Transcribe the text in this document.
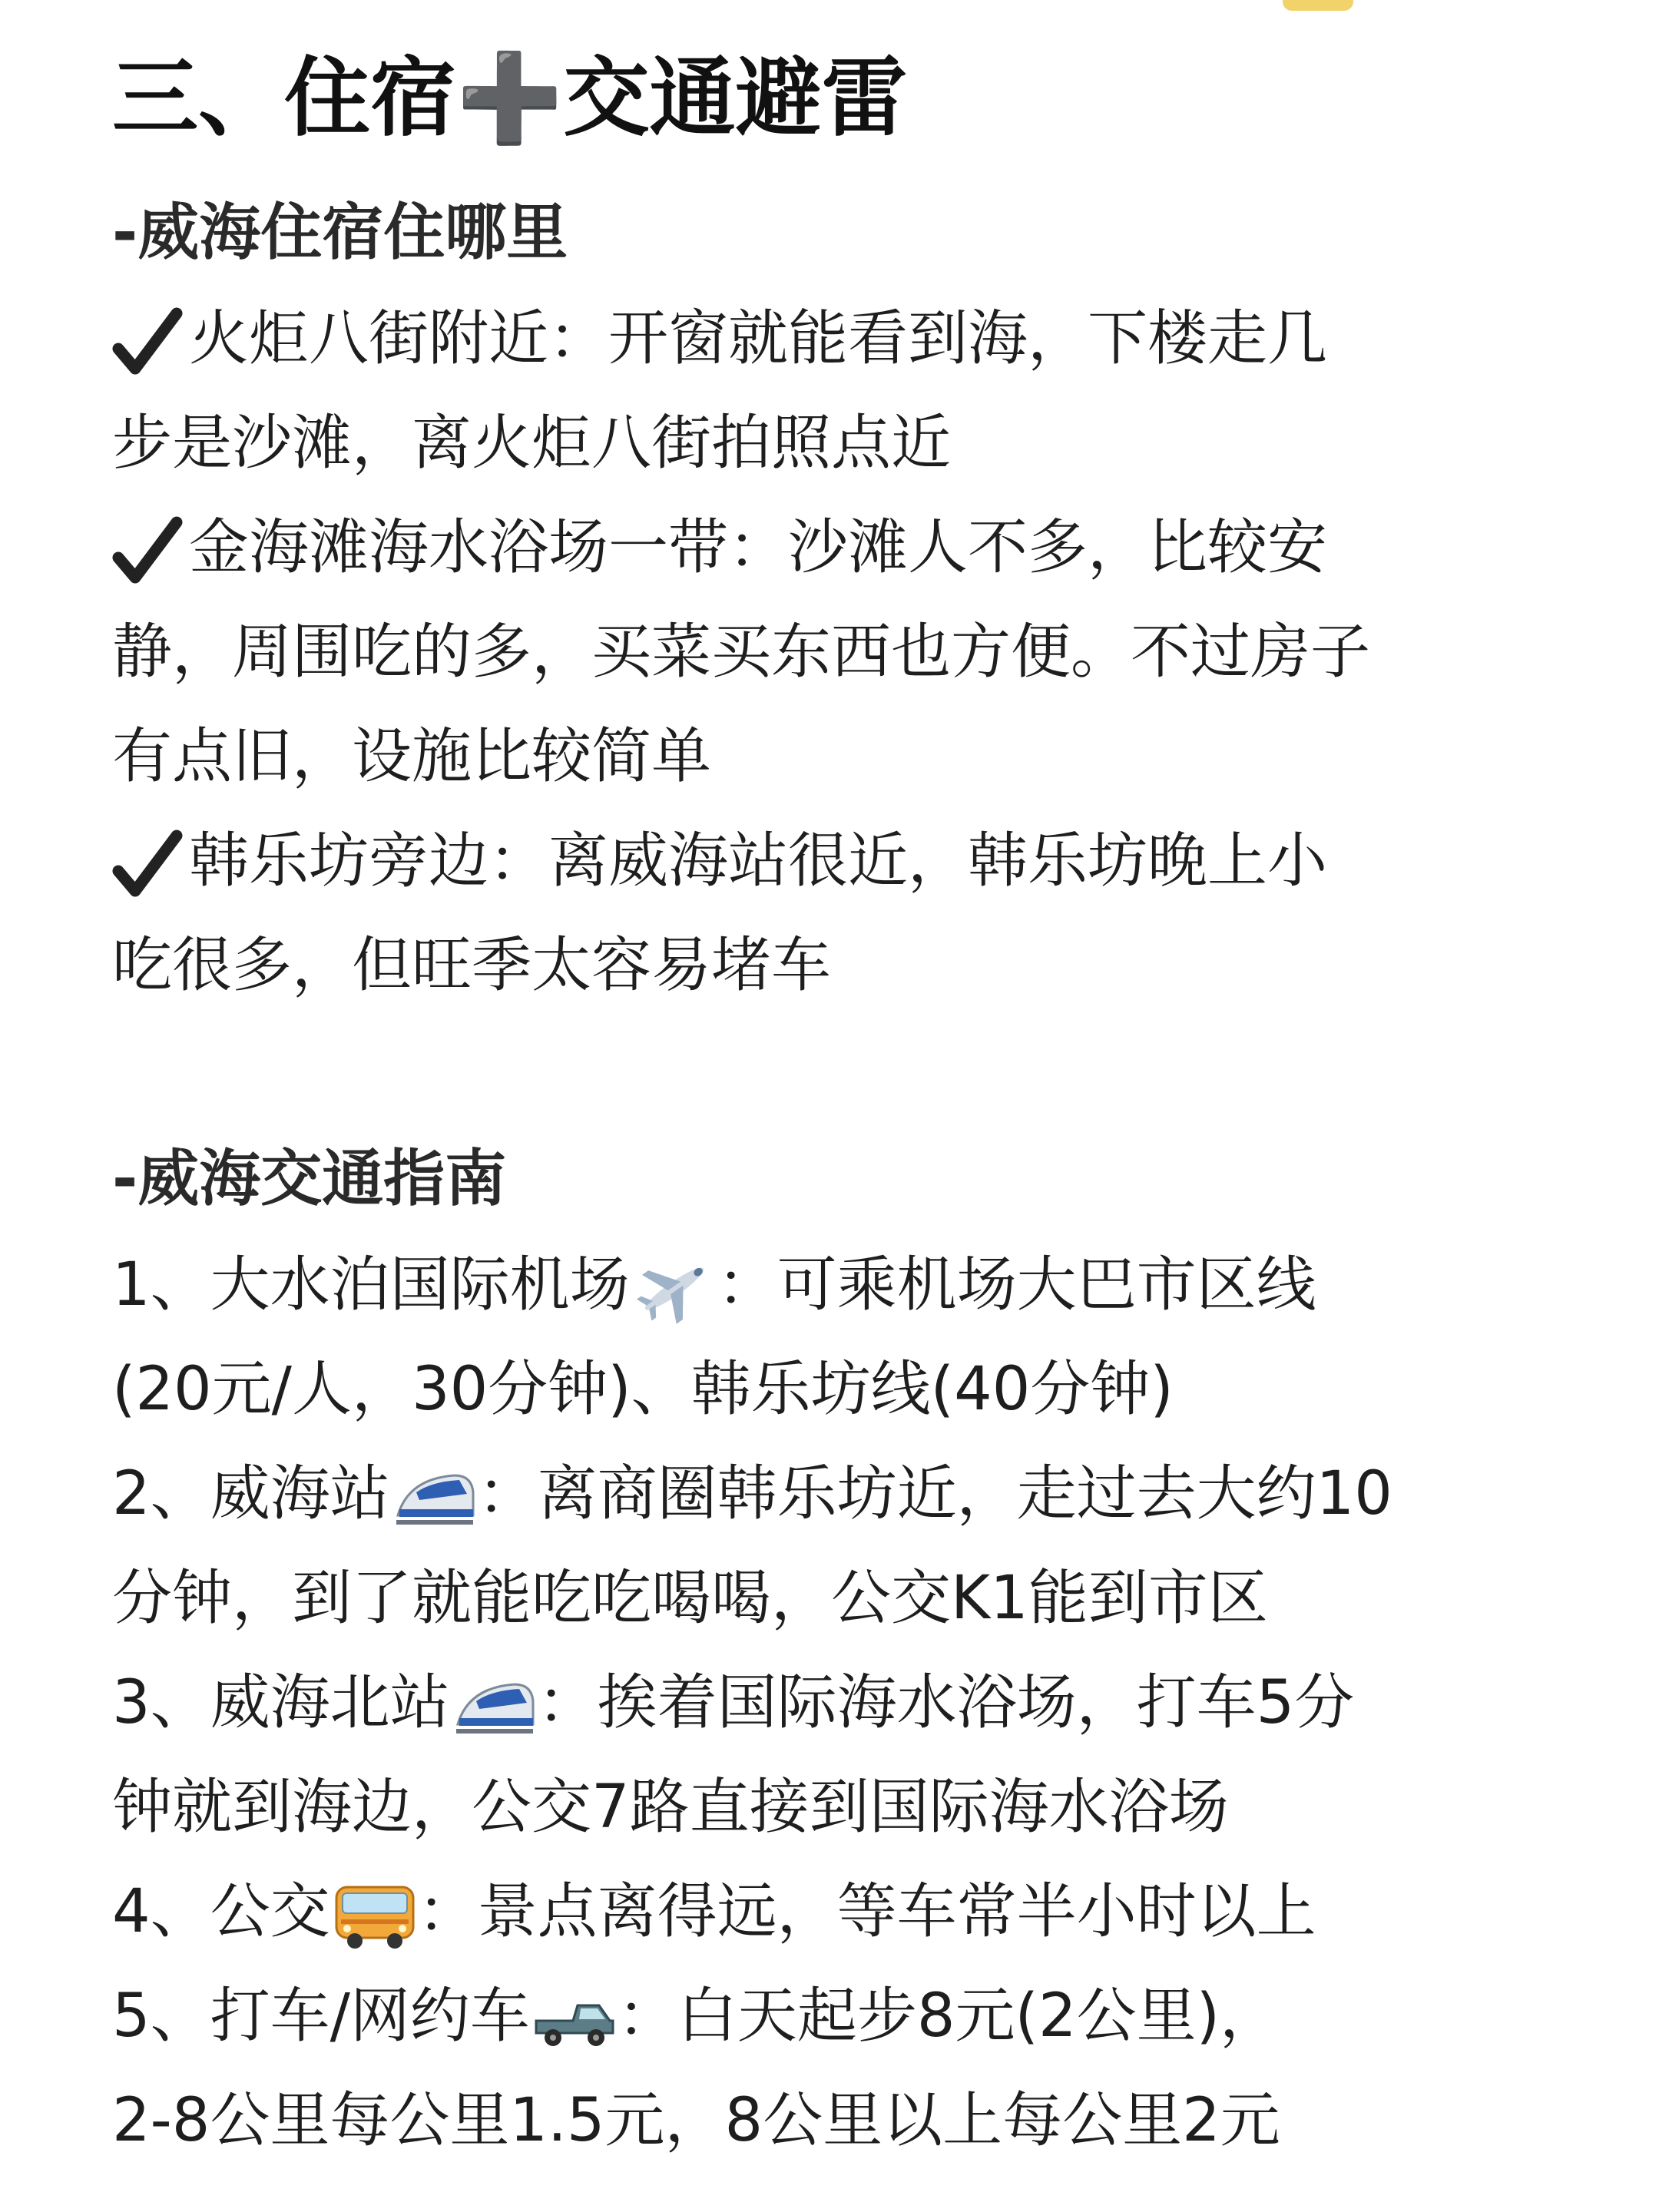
三、住宿➕交通避雷
-威海住宿住哪里
火炬八街附近：开窗就能看到海，下楼走几
步是沙滩，离火炬八街拍照点近
金海滩海水浴场一带：沙滩人不多，比较安
静，周围吃的多，买菜买东西也方便。不过房子
有点旧，设施比较简单
韩乐坊旁边：离威海站很近，韩乐坊晚上小
吃很多，但旺季太容易堵车
-威海交通指南
1、大水泊国际机场 ：可乘机场大巴市区线
(20元/人，30分钟)、韩乐坊线(40分钟)
2、威海站 ：离商圈韩乐坊近，走过去大约10
分钟，到了就能吃吃喝喝，公交K1能到市区
3、威海北站 ：挨着国际海水浴场，打车5分
钟就到海边，公交7路直接到国际海水浴场
4、公交 ：景点离得远，等车常半小时以上
5、打车/网约车 ：白天起步8元(2公里)，
2-8公里每公里1.5元，8公里以上每公里2元
